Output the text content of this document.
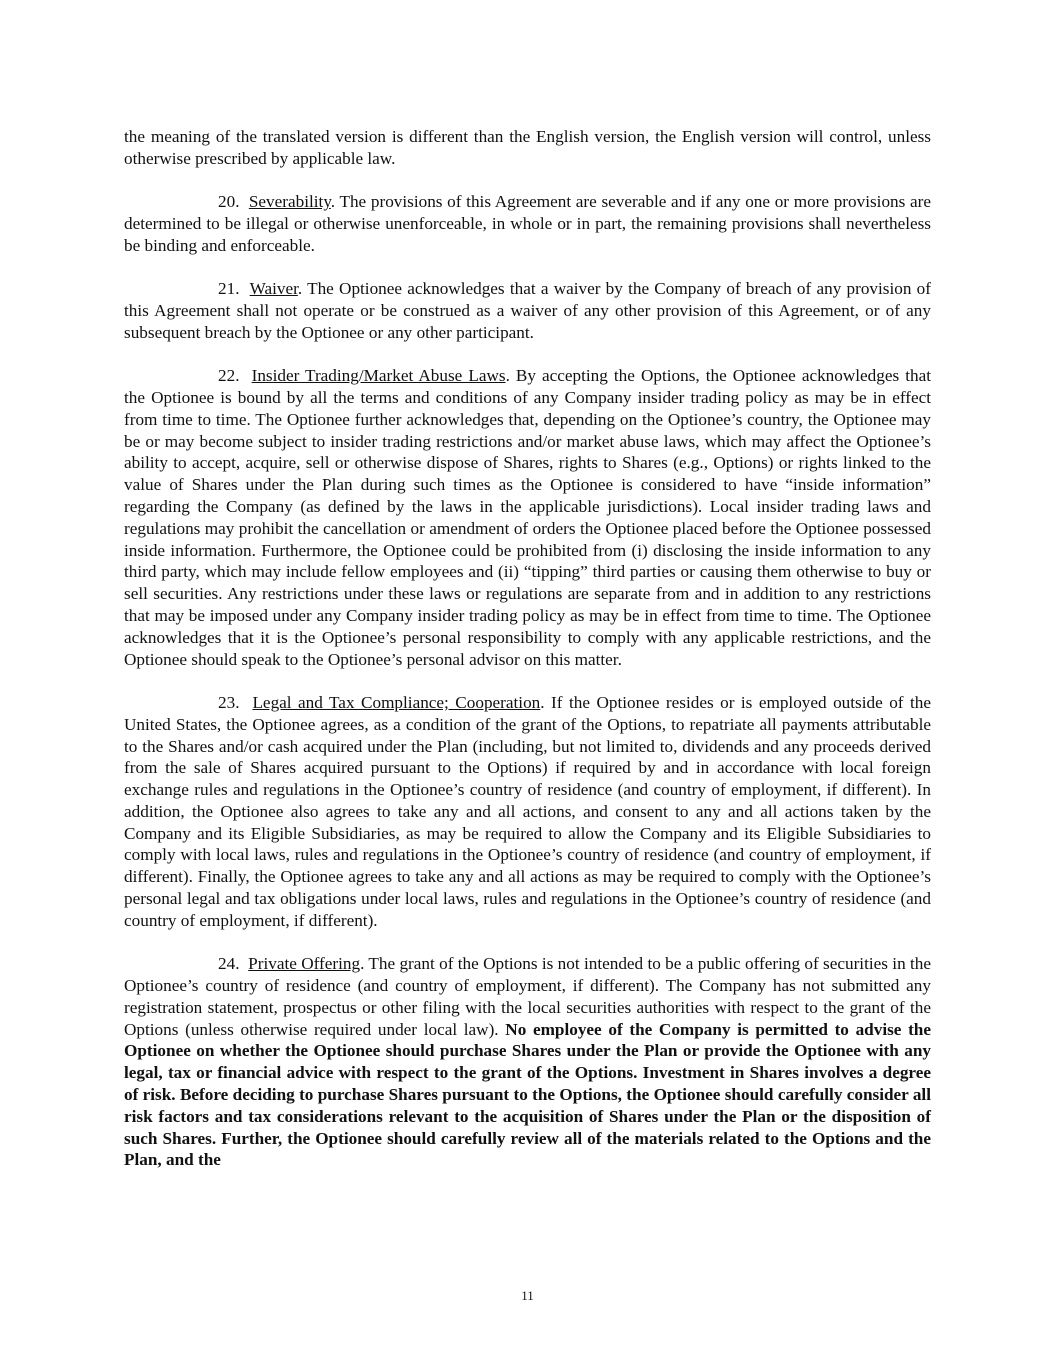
the meaning of the translated version is different than the English version, the English version will control, unless otherwise prescribed by applicable law.

20. Severability. The provisions of this Agreement are severable and if any one or more provisions are determined to be illegal or otherwise unenforceable, in whole or in part, the remaining provisions shall nevertheless be binding and enforceable.

21. Waiver. The Optionee acknowledges that a waiver by the Company of breach of any provision of this Agreement shall not operate or be construed as a waiver of any other provision of this Agreement, or of any subsequent breach by the Optionee or any other participant.

22. Insider Trading/Market Abuse Laws. By accepting the Options, the Optionee acknowledges that the Optionee is bound by all the terms and conditions of any Company insider trading policy as may be in effect from time to time. The Optionee further acknowledges that, depending on the Optionee’s country, the Optionee may be or may become subject to insider trading restrictions and/or market abuse laws, which may affect the Optionee’s ability to accept, acquire, sell or otherwise dispose of Shares, rights to Shares (e.g., Options) or rights linked to the value of Shares under the Plan during such times as the Optionee is considered to have “inside information” regarding the Company (as defined by the laws in the applicable jurisdictions). Local insider trading laws and regulations may prohibit the cancellation or amendment of orders the Optionee placed before the Optionee possessed inside information. Furthermore, the Optionee could be prohibited from (i) disclosing the inside information to any third party, which may include fellow employees and (ii) “tipping” third parties or causing them otherwise to buy or sell securities. Any restrictions under these laws or regulations are separate from and in addition to any restrictions that may be imposed under any Company insider trading policy as may be in effect from time to time. The Optionee acknowledges that it is the Optionee’s personal responsibility to comply with any applicable restrictions, and the Optionee should speak to the Optionee’s personal advisor on this matter.

23. Legal and Tax Compliance; Cooperation. If the Optionee resides or is employed outside of the United States, the Optionee agrees, as a condition of the grant of the Options, to repatriate all payments attributable to the Shares and/or cash acquired under the Plan (including, but not limited to, dividends and any proceeds derived from the sale of Shares acquired pursuant to the Options) if required by and in accordance with local foreign exchange rules and regulations in the Optionee’s country of residence (and country of employment, if different). In addition, the Optionee also agrees to take any and all actions, and consent to any and all actions taken by the Company and its Eligible Subsidiaries, as may be required to allow the Company and its Eligible Subsidiaries to comply with local laws, rules and regulations in the Optionee’s country of residence (and country of employment, if different). Finally, the Optionee agrees to take any and all actions as may be required to comply with the Optionee’s personal legal and tax obligations under local laws, rules and regulations in the Optionee’s country of residence (and country of employment, if different).

24. Private Offering. The grant of the Options is not intended to be a public offering of securities in the Optionee’s country of residence (and country of employment, if different). The Company has not submitted any registration statement, prospectus or other filing with the local securities authorities with respect to the grant of the Options (unless otherwise required under local law). No employee of the Company is permitted to advise the Optionee on whether the Optionee should purchase Shares under the Plan or provide the Optionee with any legal, tax or financial advice with respect to the grant of the Options. Investment in Shares involves a degree of risk. Before deciding to purchase Shares pursuant to the Options, the Optionee should carefully consider all risk factors and tax considerations relevant to the acquisition of Shares under the Plan or the disposition of such Shares. Further, the Optionee should carefully review all of the materials related to the Options and the Plan, and the

11
